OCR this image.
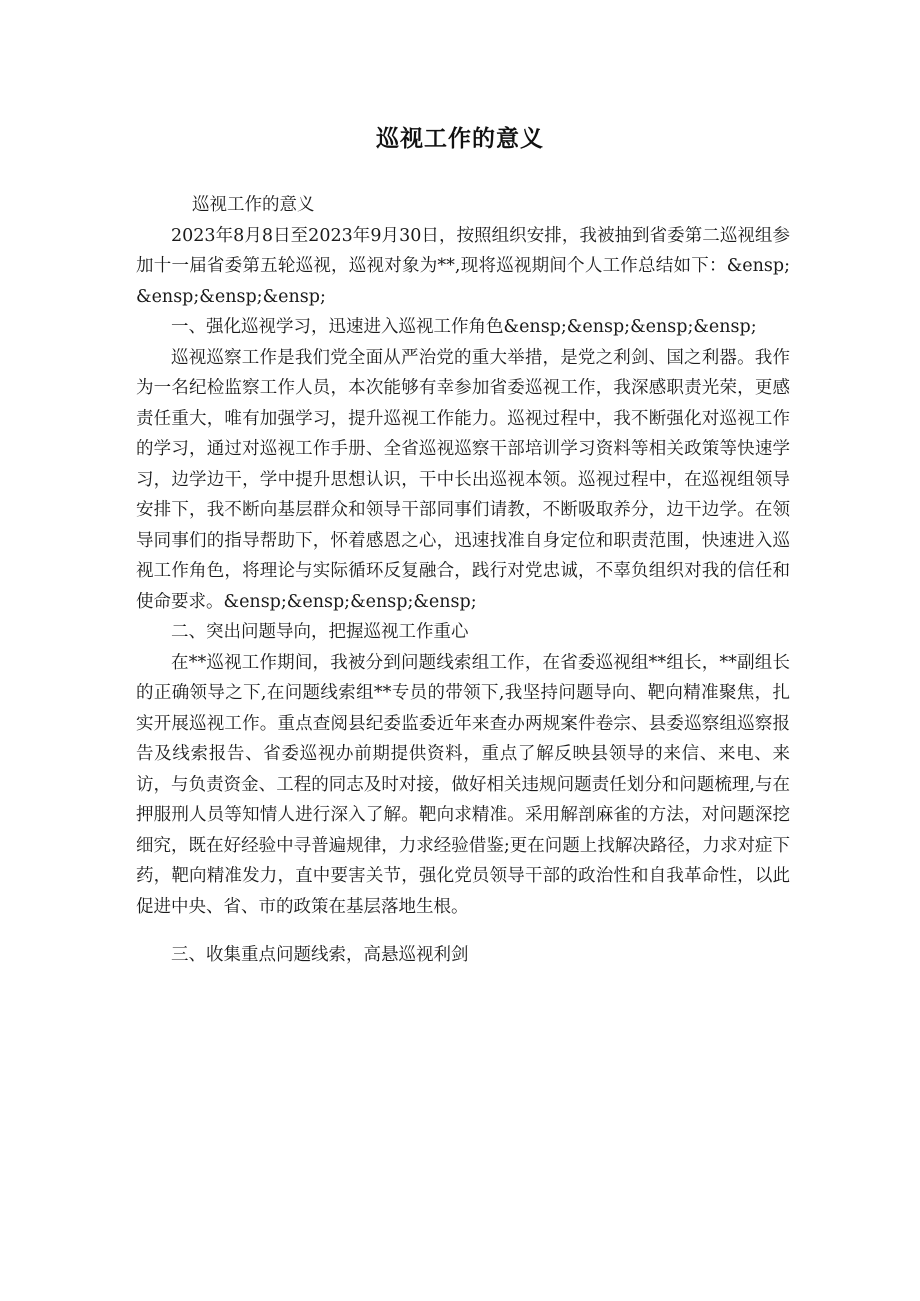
巡视工作的意义

巡视工作的意义

2023年8月8日至2023年9月30日，按照组织安排，我被抽到省委第二巡视组参加十一届省委第五轮巡视，巡视对象为**,现将巡视期间个人工作总结如下：&ensp;&ensp;&ensp;&ensp;

一、强化巡视学习，迅速进入巡视工作角色&ensp;&ensp;&ensp;&ensp;

巡视巡察工作是我们党全面从严治党的重大举措，是党之利剑、国之利器。我作为一名纪检监察工作人员，本次能够有幸参加省委巡视工作，我深感职责光荣，更感责任重大，唯有加强学习，提升巡视工作能力。巡视过程中，我不断强化对巡视工作的学习，通过对巡视工作手册、全省巡视巡察干部培训学习资料等相关政策等快速学习，边学边干，学中提升思想认识，干中长出巡视本领。巡视过程中，在巡视组领导安排下，我不断向基层群众和领导干部同事们请教，不断吸取养分，边干边学。在领导同事们的指导帮助下，怀着感恩之心，迅速找准自身定位和职责范围，快速进入巡视工作角色，将理论与实际循环反复融合，践行对党忠诚，不辜负组织对我的信任和使命要求。&ensp;&ensp;&ensp;&ensp;

二、突出问题导向，把握巡视工作重心

在**巡视工作期间，我被分到问题线索组工作，在省委巡视组**组长，**副组长的正确领导之下,在问题线索组**专员的带领下,我坚持问题导向、靶向精准聚焦，扎实开展巡视工作。重点查阅县纪委监委近年来查办两规案件卷宗、县委巡察组巡察报告及线索报告、省委巡视办前期提供资料，重点了解反映县领导的来信、来电、来访，与负责资金、工程的同志及时对接，做好相关违规问题责任划分和问题梳理,与在押服刑人员等知情人进行深入了解。靶向求精准。采用解剖麻雀的方法，对问题深挖细究，既在好经验中寻普遍规律，力求经验借鉴;更在问题上找解决路径，力求对症下药，靶向精准发力，直中要害关节，强化党员领导干部的政治性和自我革命性，以此促进中央、省、市的政策在基层落地生根。

三、收集重点问题线索，高悬巡视利剑
